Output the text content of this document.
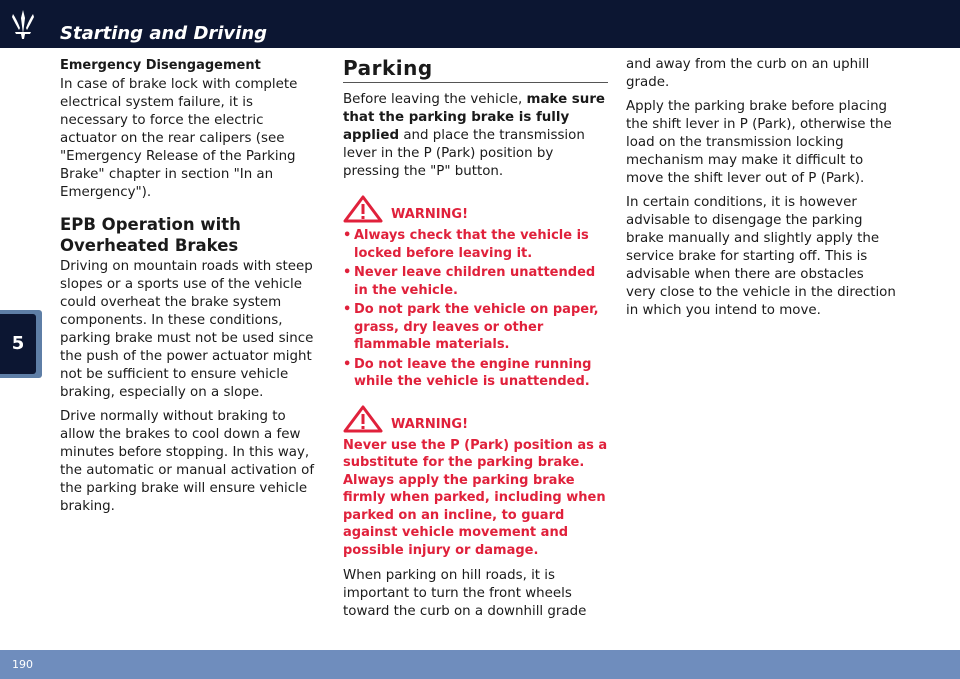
Starting and Driving
5
Emergency Disengagement

In case of brake lock with complete electrical system failure, it is necessary to force the electric actuator on the rear calipers (see "Emergency Release of the Parking Brake" chapter in section "In an Emergency").

EPB Operation with Overheated Brakes

Driving on mountain roads with steep slopes or a sports use of the vehicle could overheat the brake system components. In these conditions, parking brake must not be used since the push of the power actuator might not be sufficient to ensure vehicle braking, especially on a slope.

Drive normally without braking to allow the brakes to cool down a few minutes before stopping. In this way, the automatic or manual activation of the parking brake will ensure vehicle braking.

Parking

Before leaving the vehicle, make sure that the parking brake is fully applied and place the transmission lever in the P (Park) position by pressing the "P" button.

WARNING!
• Always check that the vehicle is locked before leaving it.
• Never leave children unattended in the vehicle.
• Do not park the vehicle on paper, grass, dry leaves or other flammable materials.
• Do not leave the engine running while the vehicle is unattended.
WARNING!

Never use the P (Park) position as a substitute for the parking brake. Always apply the parking brake firmly when parked, including when parked on an incline, to guard against vehicle movement and possible injury or damage.

When parking on hill roads, it is important to turn the front wheels toward the curb on a downhill grade

and away from the curb on an uphill grade.

Apply the parking brake before placing the shift lever in P (Park), otherwise the load on the transmission locking mechanism may make it difficult to move the shift lever out of P (Park).

In certain conditions, it is however advisable to disengage the parking brake manually and slightly apply the service brake for starting off. This is advisable when there are obstacles very close to the vehicle in the direction in which you intend to move.

190
